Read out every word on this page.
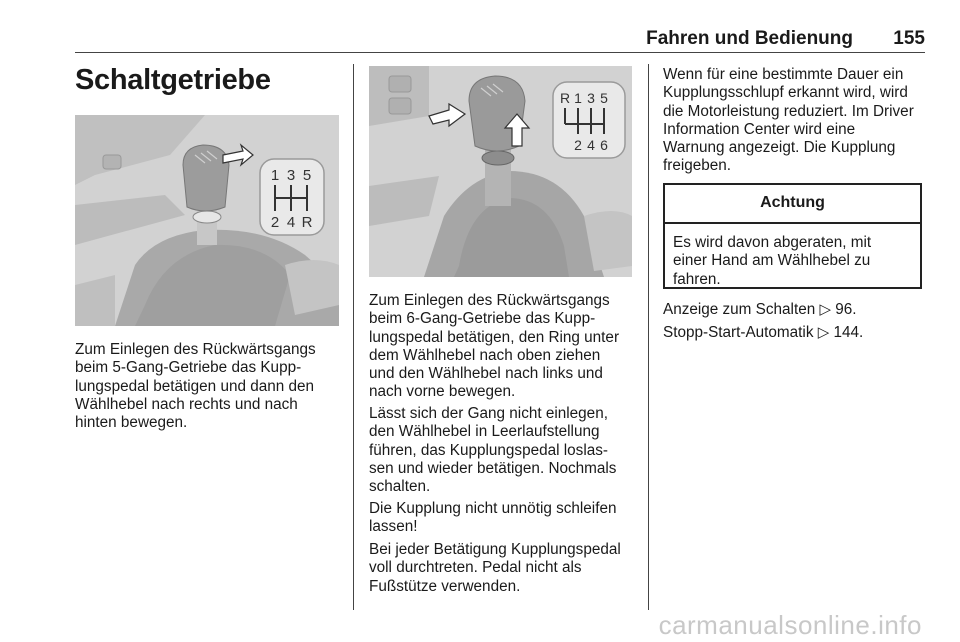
Fahren und Bedienung 155
Schaltgetriebe
1 3 5
2 4 R

Zum Einlegen des Rückwärtsgangs
beim 5-Gang-Getriebe das Kupp‐
lungspedal betätigen und dann den
Wählhebel nach rechts und nach
hinten bewegen.

R 1 3 5
2 4 6

Zum Einlegen des Rückwärtsgangs
beim 6-Gang-Getriebe das Kupp‐
lungspedal betätigen, den Ring unter
dem Wählhebel nach oben ziehen
und den Wählhebel nach links und
nach vorne bewegen.

Lässt sich der Gang nicht einlegen,
den Wählhebel in Leerlaufstellung
führen, das Kupplungspedal loslas‐
sen und wieder betätigen. Nochmals
schalten.

Die Kupplung nicht unnötig schleifen
lassen!

Bei jeder Betätigung Kupplungspedal
voll durchtreten. Pedal nicht als
Fußstütze verwenden.

Wenn für eine bestimmte Dauer ein
Kupplungsschlupf erkannt wird, wird
die Motorleistung reduziert. Im Driver
Information Center wird eine
Warnung angezeigt. Die Kupplung
freigeben.

Achtung
Es wird davon abgeraten, mit
einer Hand am Wählhebel zu
fahren.

Anzeige zum Schalten ▷ 96.

Stopp-Start-Automatik ▷ 144.

carmanualsonline.info
